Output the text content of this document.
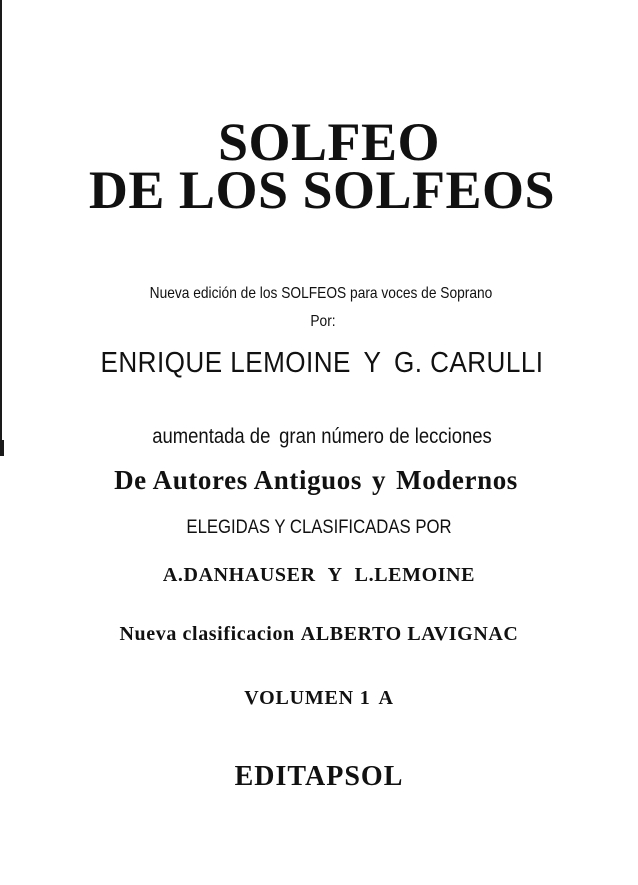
SOLFEO
DE LOS SOLFEOS
Nueva edición de los SOLFEOS para voces de Soprano
Por:
ENRIQUE LEMOINE Y G. CARULLI
aumentada de gran número de lecciones
De Autores Antiguos y Modernos
ELEGIDAS Y CLASIFICADAS POR
A.DANHAUSER Y L.LEMOINE
Nueva clasificacion ALBERTO LAVIGNAC
VOLUMEN 1 A
EDITAPSOL
